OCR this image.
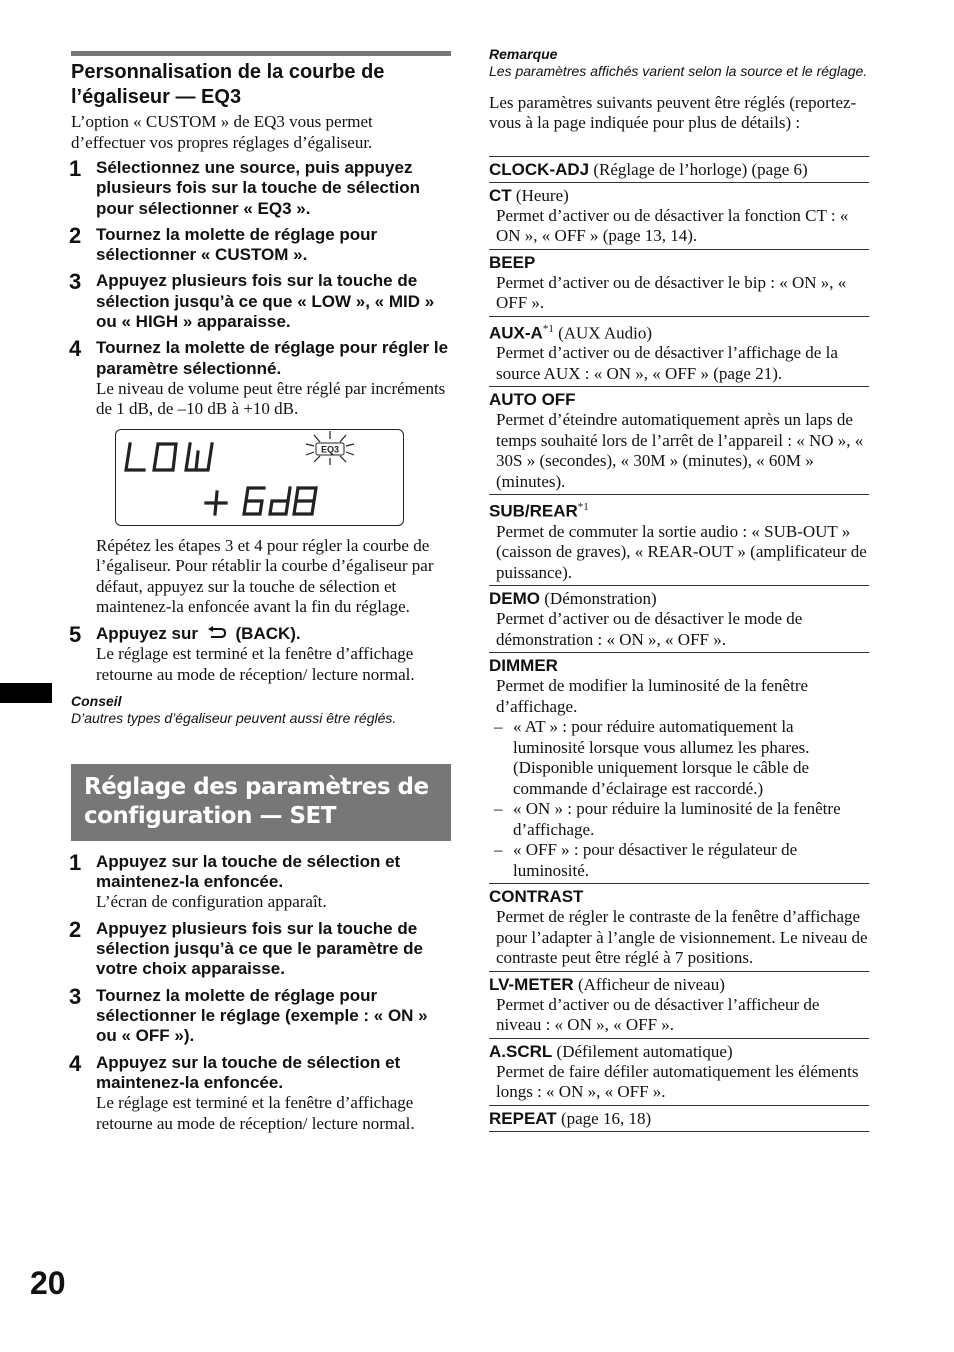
Personnalisation de la courbe de l’égaliseur — EQ3
L’option « CUSTOM » de EQ3 vous permet d’effectuer vos propres réglages d’égaliseur.
1 Sélectionnez une source, puis appuyez plusieurs fois sur la touche de sélection pour sélectionner « EQ3 ».
2 Tournez la molette de réglage pour sélectionner « CUSTOM ».
3 Appuyez plusieurs fois sur la touche de sélection jusqu’à ce que « LOW », « MID » ou « HIGH » apparaisse.
4 Tournez la molette de réglage pour régler le paramètre sélectionné.
Le niveau de volume peut être réglé par incréments de 1 dB, de –10 dB à +10 dB.
EQ3
Répétez les étapes 3 et 4 pour régler la courbe de l’égaliseur. Pour rétablir la courbe d’égaliseur par défaut, appuyez sur la touche de sélection et maintenez-la enfoncée avant la fin du réglage.
5 Appuyez sur (BACK).
Le réglage est terminé et la fenêtre d’affichage retourne au mode de réception/ lecture normal.
Conseil
D’autres types d’égaliseur peuvent aussi être réglés.
Réglage des paramètres de configuration — SET
1 Appuyez sur la touche de sélection et maintenez-la enfoncée.
L’écran de configuration apparaît.
2 Appuyez plusieurs fois sur la touche de sélection jusqu’à ce que le paramètre de votre choix apparaisse.
3 Tournez la molette de réglage pour sélectionner le réglage (exemple : « ON » ou « OFF »).
4 Appuyez sur la touche de sélection et maintenez-la enfoncée.
Le réglage est terminé et la fenêtre d’affichage retourne au mode de réception/ lecture normal.
Remarque
Les paramètres affichés varient selon la source et le réglage.
Les paramètres suivants peuvent être réglés (reportez-vous à la page indiquée pour plus de détails) :
CLOCK-ADJ (Réglage de l’horloge) (page 6)
CT (Heure)
Permet d’activer ou de désactiver la fonction CT : « ON », « OFF » (page 13, 14).
BEEP
Permet d’activer ou de désactiver le bip : « ON », « OFF ».
AUX-$A^{*1}$ (AUX Audio)
Permet d’activer ou de désactiver l’affichage de la source AUX : « ON », « OFF » (page 21).
AUTO OFF
Permet d’éteindre automatiquement après un laps de temps souhaité lors de l’arrêt de l’appareil : « NO », « 30S » (secondes), « 30M » (minutes), « 60M » (minutes).
SUB/REAR$^{*1}$
Permet de commuter la sortie audio : « SUB-OUT » (caisson de graves), « REAR-OUT » (amplificateur de puissance).
DEMO (Démonstration)
Permet d’activer ou de désactiver le mode de démonstration : « ON », « OFF ».
DIMMER
Permet de modifier la luminosité de la fenêtre d’affichage.
– « AT » : pour réduire automatiquement la luminosité lorsque vous allumez les phares. (Disponible uniquement lorsque le câble de commande d’éclairage est raccordé.)
– « ON » : pour réduire la luminosité de la fenêtre d’affichage.
– « OFF » : pour désactiver le régulateur de luminosité.
CONTRAST
Permet de régler le contraste de la fenêtre d’affichage pour l’adapter à l’angle de visionnement. Le niveau de contraste peut être réglé à 7 positions.
LV-METER (Afficheur de niveau)
Permet d’activer ou de désactiver l’afficheur de niveau : « ON », « OFF ».
A.SCRL (Défilement automatique)
Permet de faire défiler automatiquement les éléments longs : « ON », « OFF ».
REPEAT (page 16, 18)
20
